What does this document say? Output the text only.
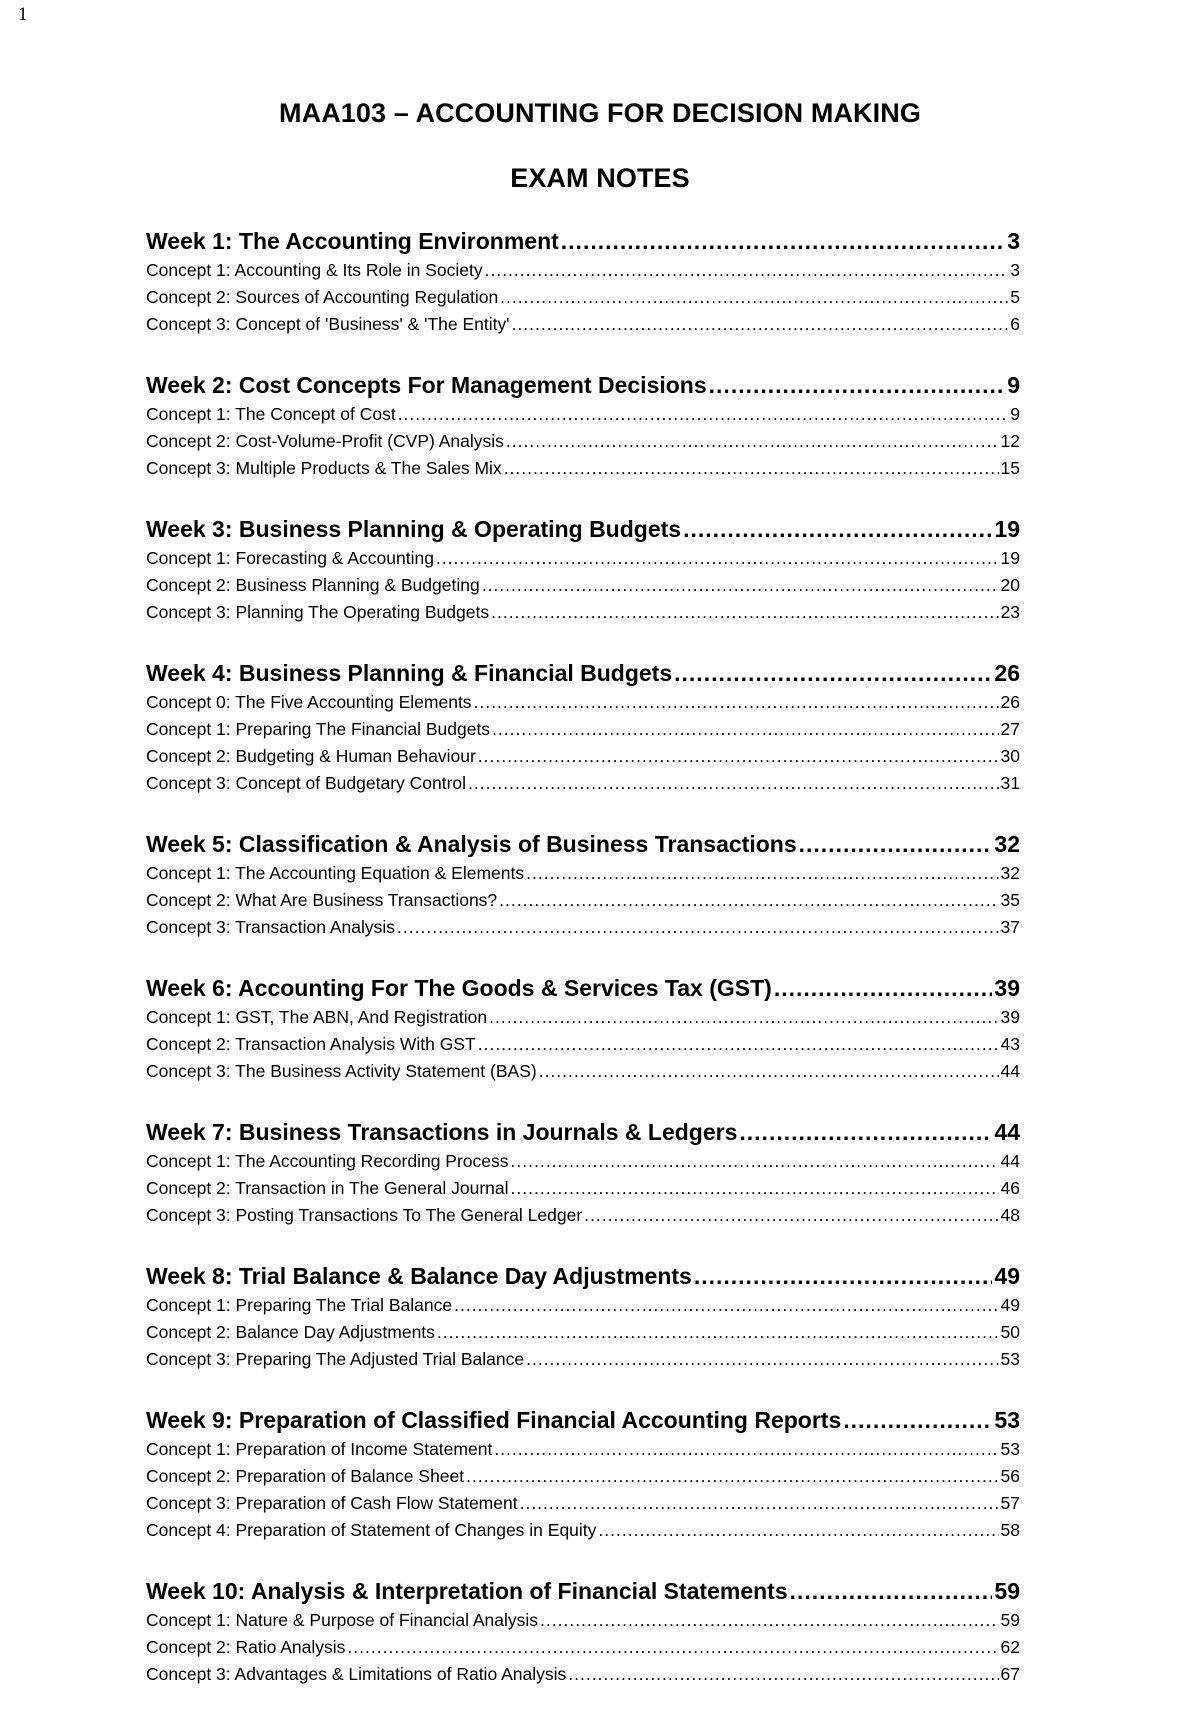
1
MAA103 – ACCOUNTING FOR DECISION MAKING
EXAM NOTES
Week 1: The Accounting Environment .....	3
Concept 1: Accounting & Its Role in Society .....	3
Concept 2: Sources of Accounting Regulation .....	5
Concept 3: Concept of 'Business' & 'The Entity' .....	6
Week 2: Cost Concepts For Management Decisions .....	9
Concept 1: The Concept of Cost .....	9
Concept 2: Cost-Volume-Profit (CVP) Analysis .....	12
Concept 3: Multiple Products & The Sales Mix .....	15
Week 3: Business Planning & Operating Budgets .....	19
Concept 1: Forecasting & Accounting .....	19
Concept 2: Business Planning & Budgeting .....	20
Concept 3: Planning The Operating Budgets .....	23
Week 4: Business Planning & Financial Budgets .....	26
Concept 0: The Five Accounting Elements .....	26
Concept 1: Preparing The Financial Budgets .....	27
Concept 2: Budgeting & Human Behaviour .....	30
Concept 3: Concept of Budgetary Control .....	31
Week 5: Classification & Analysis of Business Transactions .....	32
Concept 1: The Accounting Equation & Elements .....	32
Concept 2: What Are Business Transactions? .....	35
Concept 3: Transaction Analysis .....	37
Week 6: Accounting For The Goods & Services Tax (GST) .....	39
Concept 1: GST, The ABN, And Registration .....	39
Concept 2: Transaction Analysis With GST .....	43
Concept 3: The Business Activity Statement (BAS) .....	44
Week 7: Business Transactions in Journals & Ledgers .....	44
Concept 1: The Accounting Recording Process .....	44
Concept 2: Transaction in The General Journal .....	46
Concept 3: Posting Transactions To The General Ledger .....	48
Week 8: Trial Balance & Balance Day Adjustments .....	49
Concept 1: Preparing The Trial Balance .....	49
Concept 2: Balance Day Adjustments .....	50
Concept 3: Preparing The Adjusted Trial Balance .....	53
Week 9: Preparation of Classified Financial Accounting Reports .....	53
Concept 1: Preparation of Income Statement .....	53
Concept 2: Preparation of Balance Sheet .....	56
Concept 3: Preparation of Cash Flow Statement .....	57
Concept 4: Preparation of Statement of Changes in Equity .....	58
Week 10: Analysis & Interpretation of Financial Statements .....	59
Concept 1: Nature & Purpose of Financial Analysis .....	59
Concept 2: Ratio Analysis .....	62
Concept 3: Advantages & Limitations of Ratio Analysis .....	67
